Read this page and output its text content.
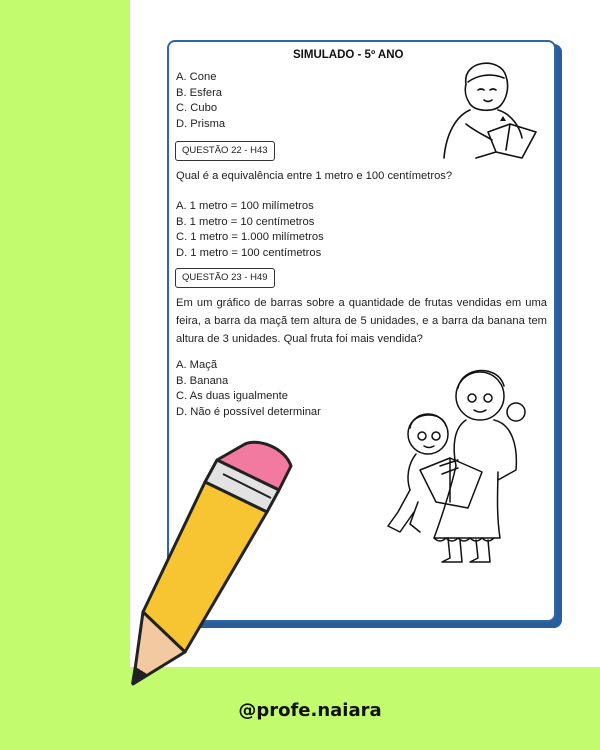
SIMULADO - 5º ANO
A. Cone
B. Esfera
C. Cubo
D. Prisma
QUESTÃO 22 - H43
Qual é a equivalência entre 1 metro e 100 centímetros?
A. 1 metro = 100 milímetros
B. 1 metro = 10 centímetros
C. 1 metro = 1.000 milímetros
D. 1 metro = 100 centímetros
QUESTÃO 23 - H49
Em um gráfico de barras sobre a quantidade de frutas vendidas em uma feira, a barra da maçã tem altura de 5 unidades, e a barra da banana tem altura de 3 unidades. Qual fruta foi mais vendida?
A. Maçã
B. Banana
C. As duas igualmente
D. Não é possível determinar
@profe.naiara
